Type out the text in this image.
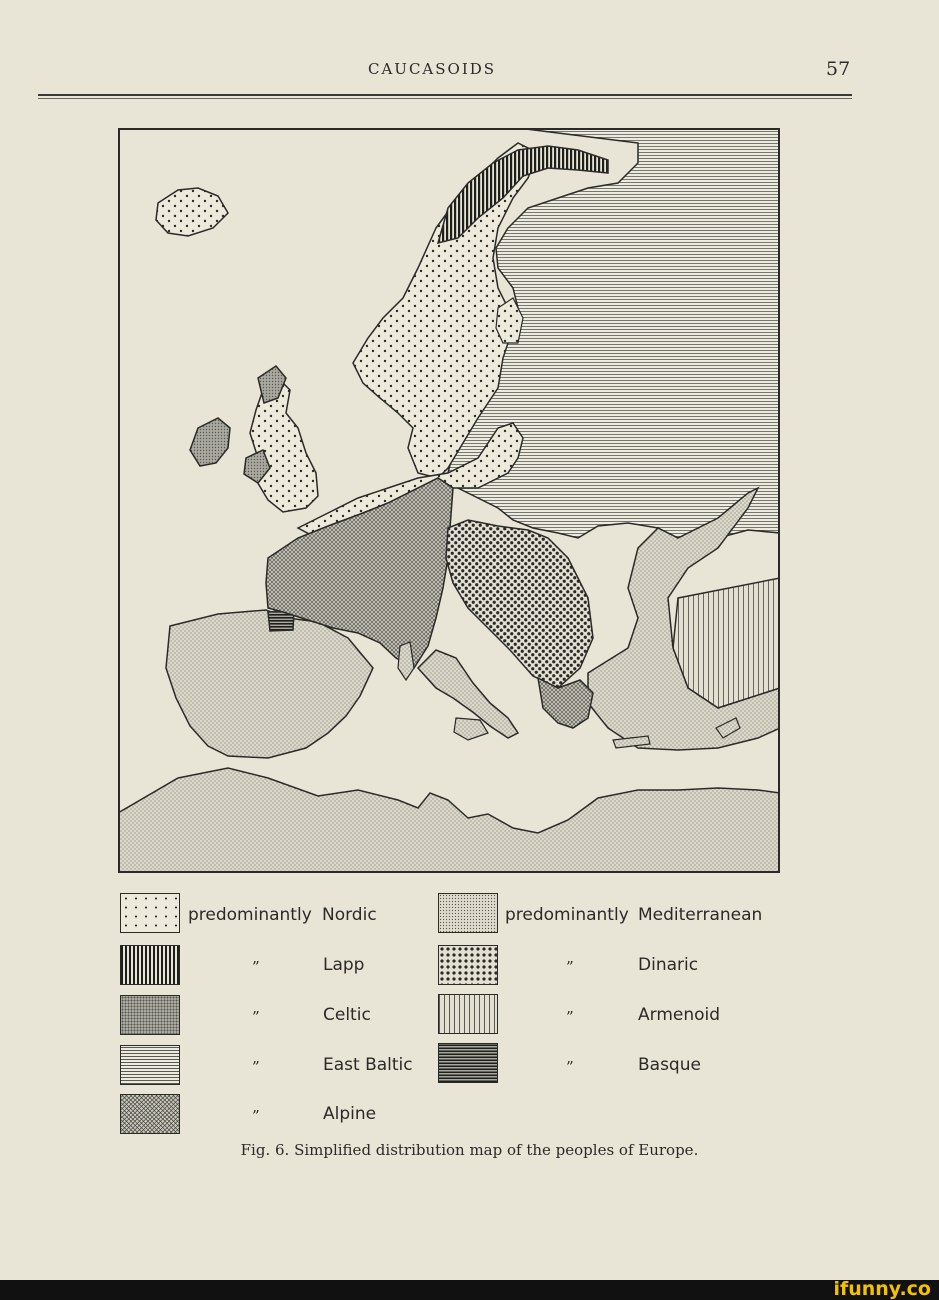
CAUCASOIDS	57
predominantly Nordic
”	Lapp
”	Celtic
”	East Baltic
”	Alpine
predominantly Mediterranean
”	Dinaric
”	Armenoid
”	Basque
Fig. 6. Simplified distribution map of the peoples of Europe.
ifunny.co
